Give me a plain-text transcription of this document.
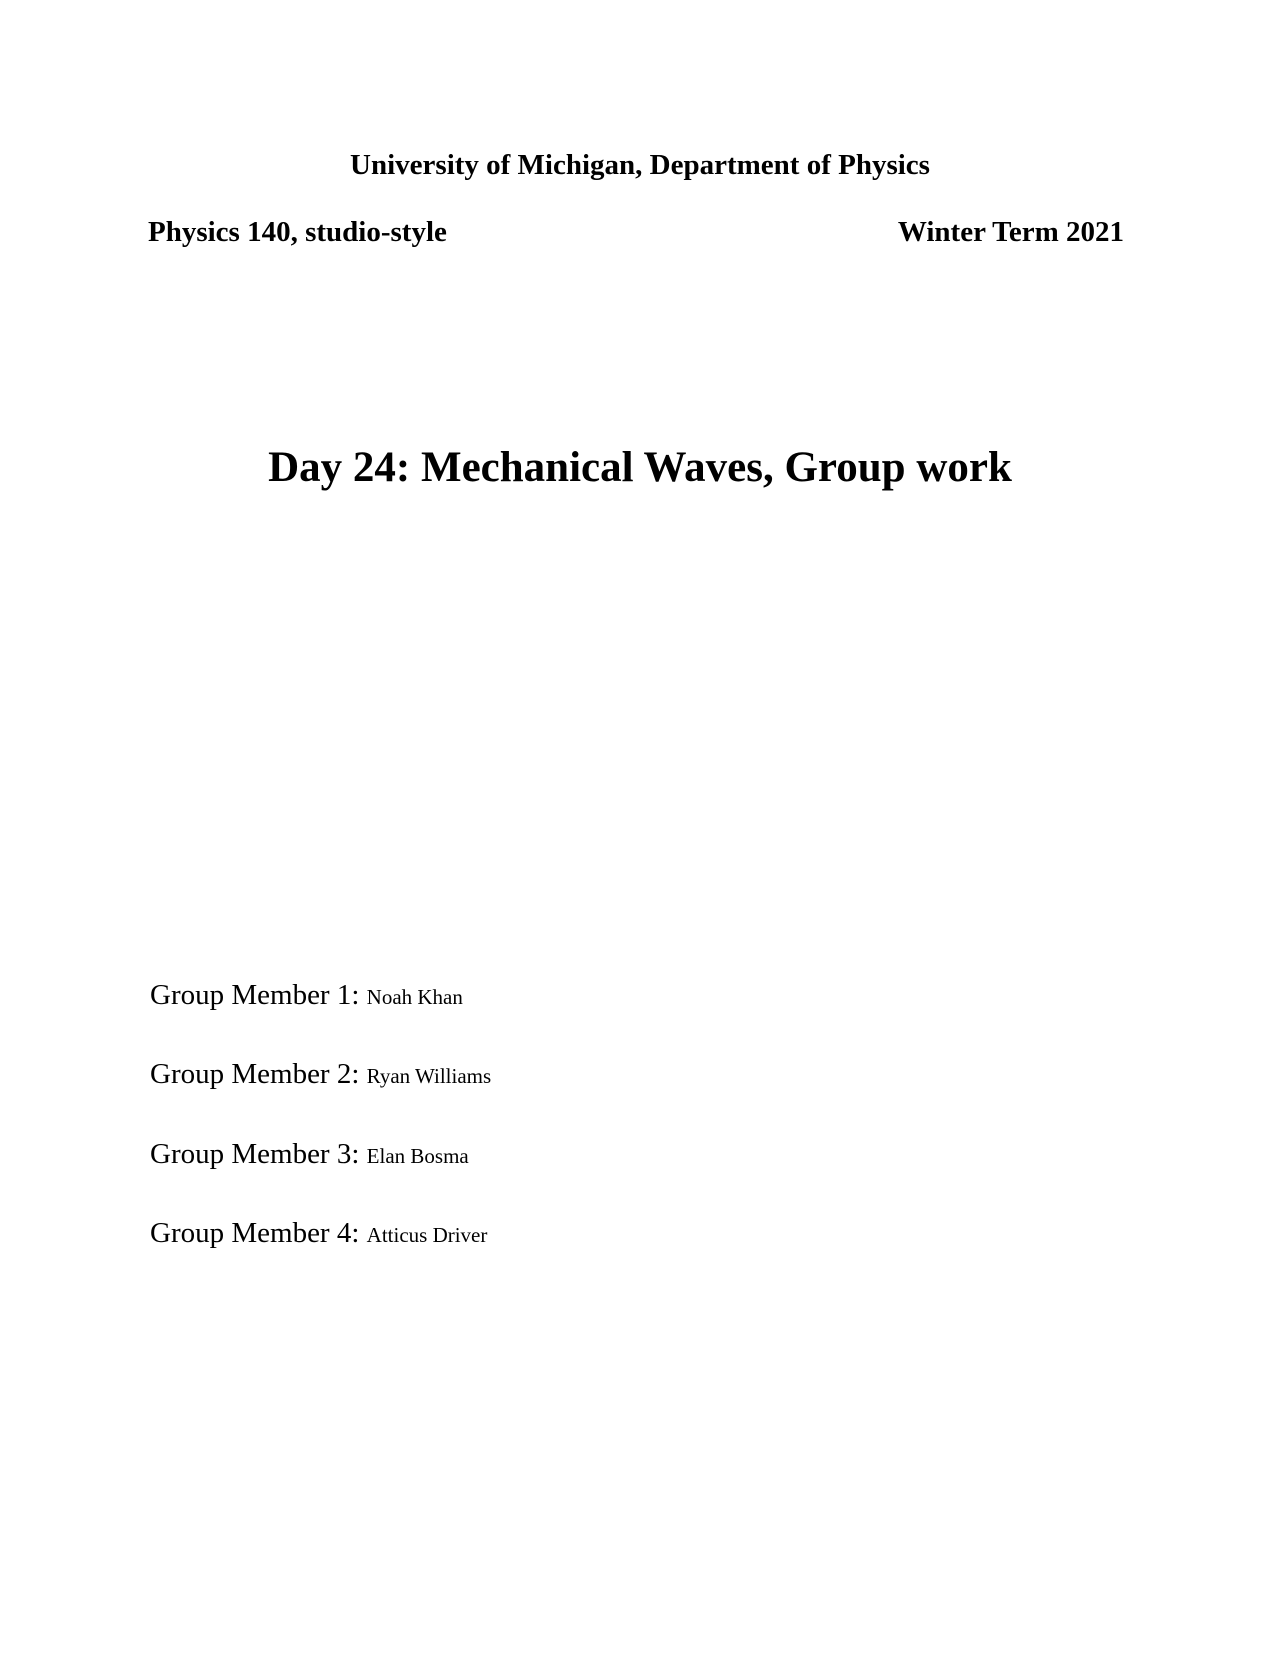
University of Michigan, Department of Physics
Physics 140, studio-style	Winter Term 2021
Day 24: Mechanical Waves, Group work
Group Member 1: Noah Khan
Group Member 2: Ryan Williams
Group Member 3: Elan Bosma
Group Member 4: Atticus Driver
